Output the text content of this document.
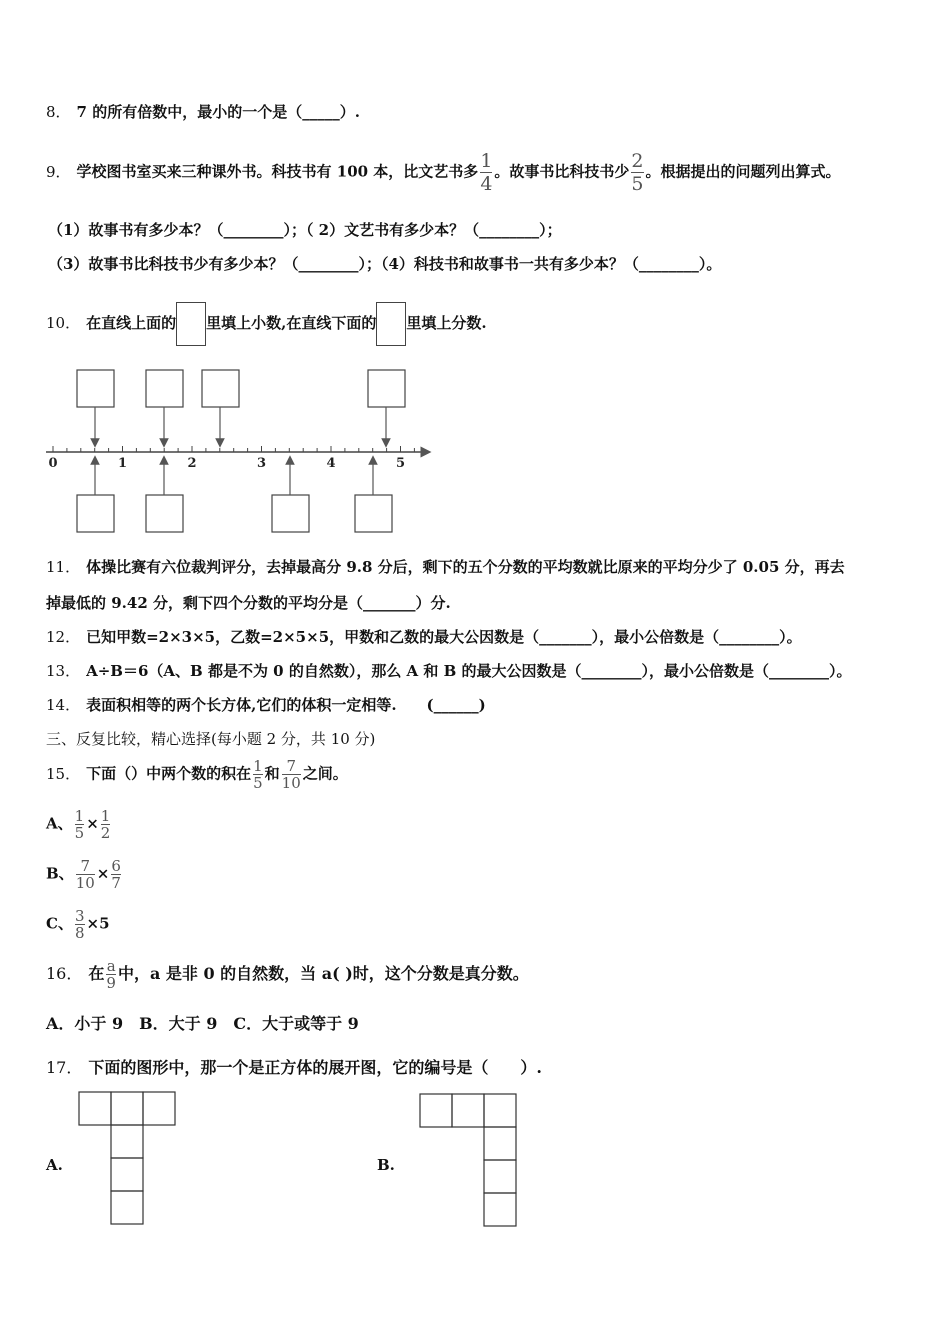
8． 7 的所有倍数中，最小的一个是（_____）.
9． 学校图书室买来三种课外书。科技书有 100 本，比文艺书多 $\frac{1}{4}$ 。故事书比科技书少 $\frac{2}{5}$ 。根据提出的问题列出算式。
（1）故事书有多少本？（________）；（ 2）文艺书有多少本？（________）；
（3）故事书比科技书少有多少本？（________）；（4）科技书和故事书一共有多少本？（________）。
10． 在直线上面的 里填上小数,在直线下面的 里填上分数.
0	1	2	3	4	5
11． 体操比赛有六位裁判评分，去掉最高分 9.8 分后，剩下的五个分数的平均数就比原来的平均分少了 0.05 分，再去
掉最低的 9.42 分，剩下四个分数的平均分是（_______）分.
12． 已知甲数=2×3×5，乙数=2×5×5，甲数和乙数的最大公因数是（_______），最小公倍数是（________）。
13． A÷B＝6（A、B 都是不为 0 的自然数），那么 A 和 B 的最大公因数是（________），最小公倍数是（________）。
14． 表面积相等的两个长方体,它们的体积一定相等.　　(______)
三、反复比较，精心选择(每小题 2 分，共 10 分)
15． 下面（）中两个数的积在 $\frac{1}{5}$ 和 $\frac{7}{10}$ 之间。
A、 $\frac{1}{5} \times \frac{1}{2}$
B、 $\frac{7}{10} \times \frac{6}{7}$
C、 $\frac{3}{8} \times 5$
16． 在 $\frac{a}{9}$ 中，a 是非 0 的自然数，当 a( )时，这个分数是真分数。
A．小于 9　B．大于 9　C．大于或等于 9
17． 下面的图形中，那一个是正方体的展开图，它的编号是（　　）.
A.	B.
